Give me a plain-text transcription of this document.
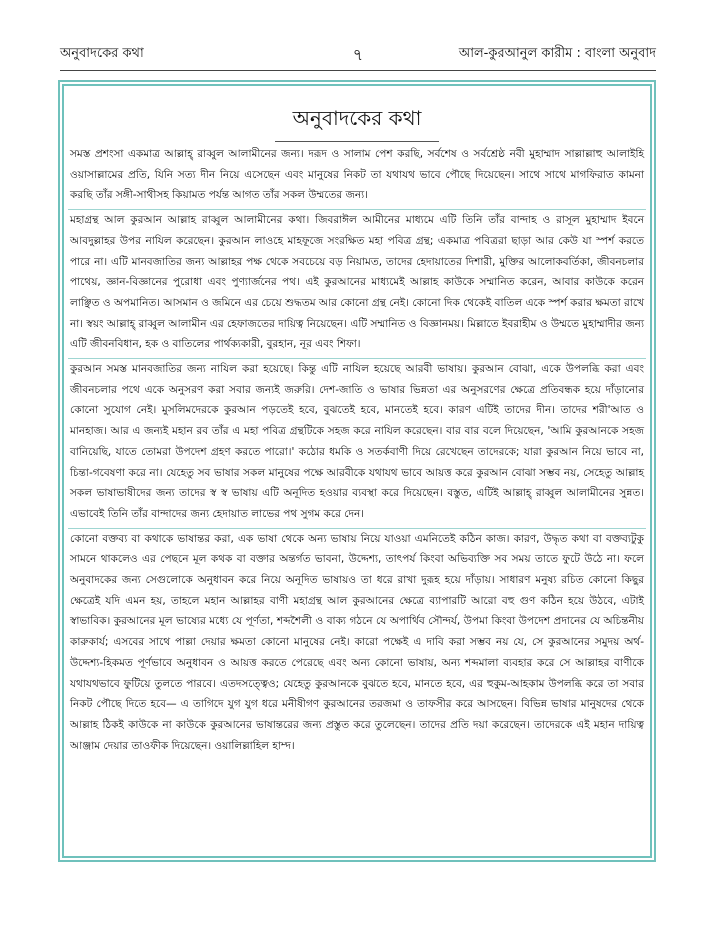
অনুবাদকের কথা	৭	আল-কুরআনুল কারীম : বাংলা অনুবাদ
অনুবাদকের কথা

সমস্ত প্রশংসা একমাত্র আল্লাহ্ রাব্বুল আলামীনের জন্য। দরূদ ও সালাম পেশ করছি, সর্বশেষ ও সর্বশ্রেষ্ঠ নবী মুহাম্মাদ সাল্লাল্লাহু আলাইহি ওয়াসাল্লামের প্রতি, যিনি সত্য দীন নিয়ে এসেছেন এবং মানুষের নিকট তা যথাযথ ভাবে পৌছে দিয়েছেন। সাথে সাথে মাগফিরাত কামনা করছি তাঁর সঙ্গী-সাথীসহ কিয়ামত পর্যন্ত আগত তাঁর সকল উম্মতের জন্য।

মহাগ্রন্থ আল কুরআন আল্লাহ রাব্বুল আলামীনের কথা। জিবরাঈল আমীনের মাধ্যমে এটি তিনি তাঁর বান্দাহ ও রাসূল মুহাম্মাদ ইবনে আবদুল্লাহর উপর নাযিল করেছেন। কুরআন লাওহে মাহফূজে সংরক্ষিত মহা পবিত্র গ্রন্থ; একমাত্র পবিত্ররা ছাড়া আর কেউ যা স্পর্শ করতে পারে না। এটি মানবজাতির জন্য আল্লাহর পক্ষ থেকে সবচেয়ে বড় নিয়ামত, তাদের হেদায়াতের দিশারী, মুক্তির আলোকবর্তিকা, জীবনচলার পাথেয়, জ্ঞান-বিজ্ঞানের পুরোধা এবং পুণ্যার্জনের পথ। এই কুরআনের মাধ্যমেই আল্লাহ কাউকে সম্মানিত করেন, আবার কাউকে করেন লাঞ্ছিত ও অপমানিত। আসমান ও জমিনে এর চেয়ে শুদ্ধতম আর কোনো গ্রন্থ নেই। কোনো দিক থেকেই বাতিল একে স্পর্শ করার ক্ষমতা রাখে না। স্বয়ং আল্লাহ্ রাব্বুল আলামীন এর হেফাজতের দায়িত্ব নিয়েছেন। এটি সম্মানিত ও বিজ্ঞানময়। মিল্লাতে ইবরাহীম ও উম্মতে মুহাম্মাদীর জন্য এটি জীবনবিধান, হক ও বাতিলের পার্থক্যকারী, বুরহান, নূর এবং শিফা।

কুরআন সমস্ত মানবজাতির জন্য নাযিল করা হয়েছে। কিন্তু এটি নাযিল হয়েছে আরবী ভাষায়। কুরআন বোঝা, একে উপলব্ধি করা এবং জীবনচলার পথে একে অনুসরণ করা সবার জন্যই জরুরি। দেশ-জাতি ও ভাষার ভিন্নতা এর অনুসরণের ক্ষেত্রে প্রতিবন্ধক হয়ে দাঁড়ানোর কোনো সুযোগ নেই। মুসলিমদেরকে কুরআন পড়তেই হবে, বুঝতেই হবে, মানতেই হবে। কারণ এটিই তাদের দীন। তাদের শরী'আত ও মানহাজ। আর এ জন্যই মহান রব তাঁর এ মহা পবিত্র গ্রন্থটিকে সহজ করে নাযিল করেছেন। বার বার বলে দিয়েছেন, 'আমি কুরআনকে সহজ বানিয়েছি, যাতে তোমরা উপদেশ গ্রহণ করতে পারো।' কঠোর ধমকি ও সতর্কবাণী দিয়ে রেখেছেন তাদেরকে; যারা কুরআন নিয়ে ভাবে না, চিন্তা-গবেষণা করে না। যেহেতু সব ভাষার সকল মানুষের পক্ষে আরবীকে যথাযথ ভাবে আয়ত্ত করে কুরআন বোঝা সম্ভব নয়, সেহেতু আল্লাহ সকল ভাষাভাষীদের জন্য তাদের স্ব স্ব ভাষায় এটি অনূদিত হওয়ার ব্যবস্থা করে দিয়েছেন। বস্তুত, এটিই আল্লাহ্ রাব্বুল আলামীনের সুন্নত। এভাবেই তিনি তাঁর বান্দাদের জন্য হেদায়াত লাভের পথ সুগম করে দেন।

কোনো বক্তব্য বা কথাকে ভাষান্তর করা, এক ভাষা থেকে অন্য ভাষায় নিয়ে যাওয়া এমনিতেই কঠিন কাজ। কারণ, উদ্ধৃত কথা বা বক্তব্যটুকু সামনে থাকলেও এর পেছনে মূল কথক বা বক্তার অন্তর্গত ভাবনা, উদ্দেশ্য, তাৎপর্য কিংবা অভিব্যক্তি সব সময় তাতে ফুটে উঠে না। ফলে অনুবাদকের জন্য সেগুলোকে অনুধাবন করে নিয়ে অনূদিত ভাষায়ও তা ধরে রাখা দুরূহ হয়ে দাঁড়ায়। সাধারণ মনুষ্য রচিত কোনো কিছুর ক্ষেত্রেই যদি এমন হয়, তাহলে মহান আল্লাহর বাণী মহাগ্রন্থ আল কুরআনের ক্ষেত্রে ব্যাপারটি আরো বহু গুণ কঠিন হয়ে উঠবে, এটাই স্বাভাবিক। কুরআনের মূল ভাষ্যের মধ্যে যে পূর্ণতা, শব্দশৈলী ও বাক্য গঠনে যে অপার্থিব সৌন্দর্য, উপমা কিংবা উপদেশ প্রদানের যে অচিন্তনীয় কারুকার্য; এসবের সাথে পাল্লা দেয়ার ক্ষমতা কোনো মানুষের নেই। কারো পক্ষেই এ দাবি করা সম্ভব নয় যে, সে কুরআনের সমুদয় অর্থ-উদ্দেশ্য-হিকমত পূর্ণভাবে অনুধাবন ও আয়ত্ত করতে পেরেছে এবং অন্য কোনো ভাষায়, অন্য শব্দমালা ব্যবহার করে সে আল্লাহর বাণীকে যথাযথভাবে ফুটিয়ে তুলতে পারবে। এতদসত্ত্বেও; যেহেতু কুরআনকে বুঝতে হবে, মানতে হবে, এর হুকুম-আহকাম উপলব্ধি করে তা সবার নিকট পৌছে দিতে হবে— এ তাগিদে যুগ যুগ ধরে মনীষীগণ কুরআনের তরজমা ও তাফসীর করে আসছেন। বিভিন্ন ভাষার মানুষদের থেকে আল্লাহ ঠিকই কাউকে না কাউকে কুরআনের ভাষান্তরের জন্য প্রস্তুত করে তুলেছেন। তাদের প্রতি দয়া করেছেন। তাদেরকে এই মহান দায়িত্ব আঞ্জাম দেয়ার তাওফীক দিয়েছেন। ওয়ালিল্লাহিল হাম্দ।
